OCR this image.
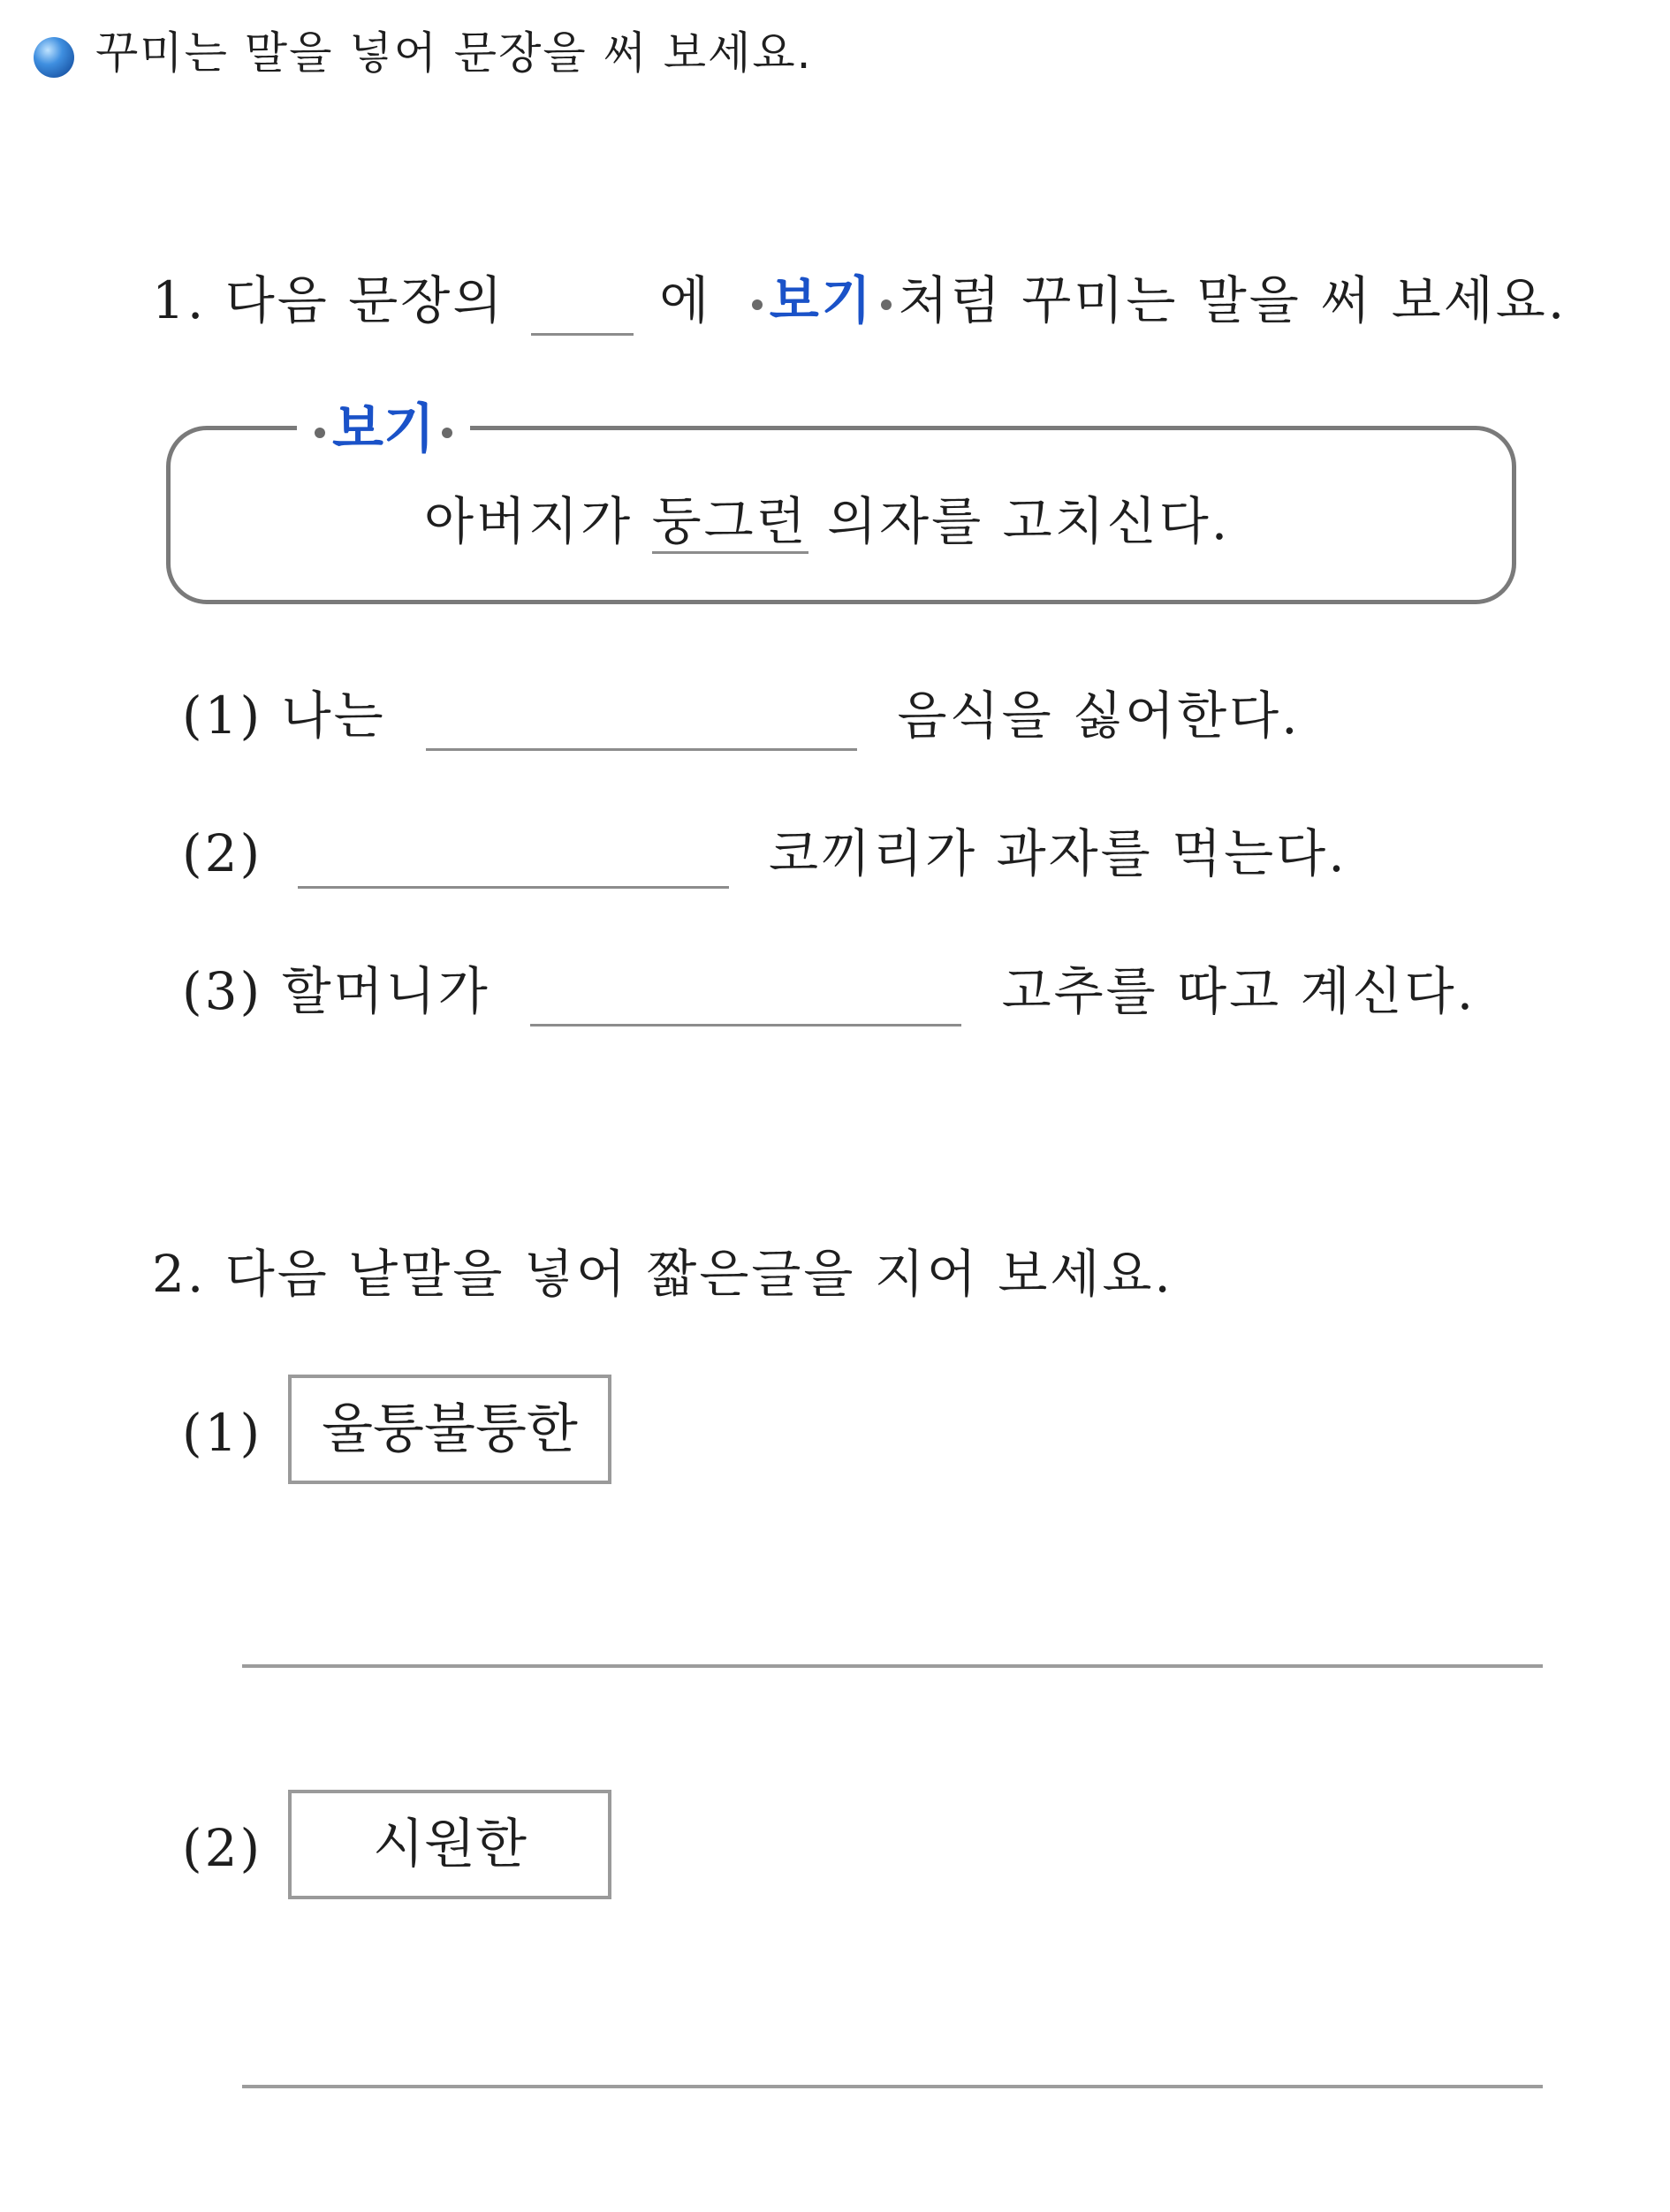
꾸미는 말을 넣어 문장을 써 보세요.
1. 다음 문장의	에 보기 처럼 꾸미는 말을 써 보세요.
보기
아버지가 둥그런 의자를 고치신다.
(1) 나는	음식을 싫어한다.
(2)	코끼리가 과자를 먹는다.
(3) 할머니가	고추를 따고 계신다.
2. 다음 낱말을 넣어 짧은글을 지어 보세요.
(1)	울퉁불퉁한
(2)	시원한
